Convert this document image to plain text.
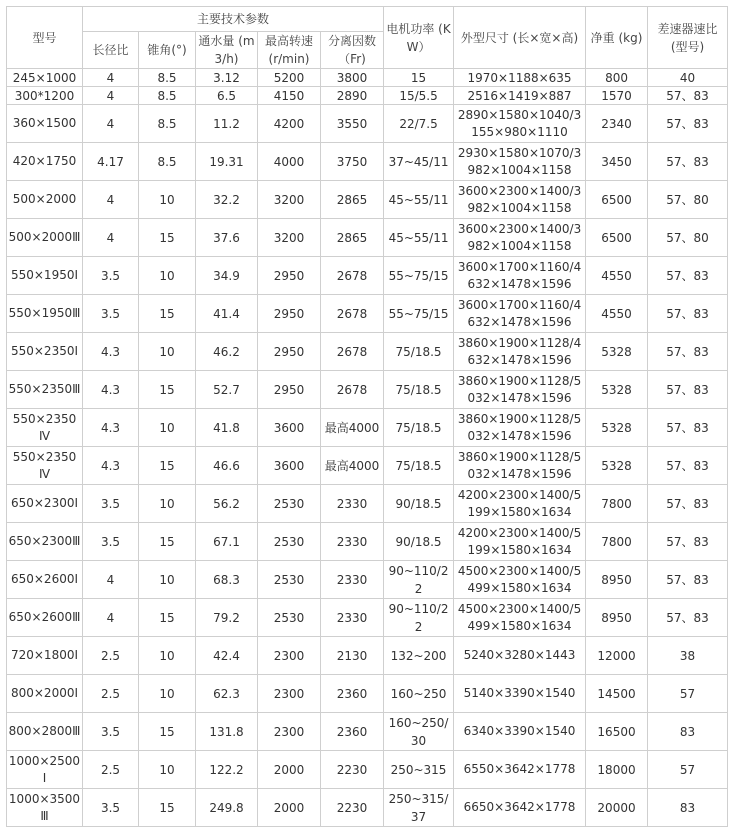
型号	主要技术参数					电机功率 (KW）	外型尺寸 (长×宽×高)	净重 (kg)	差速器速比 (型号)
	长径比	锥角(°)	通水量 (m3/h)	最高转速 (r/min)	分离因数 （Fr)				
245×1000	4	8.5	3.12	5200	3800	15	1970×1188×635	800	40
300*1200	4	8.5	6.5	4150	2890	15/5.5	2516×1419×887	1570	57、83
360×1500	4	8.5	11.2	4200	3550	22/7.5	2890×1580×1040/3155×980×1110	2340	57、83
420×1750	4.17	8.5	19.31	4000	3750	37~45/11	2930×1580×1070/3982×1004×1158	3450	57、83
500×2000	4	10	32.2	3200	2865	45~55/11	3600×2300×1400/3982×1004×1158	6500	57、80
500×2000Ⅲ	4	15	37.6	3200	2865	45~55/11	3600×2300×1400/3982×1004×1158	6500	57、80
550×1950Ⅰ	3.5	10	34.9	2950	2678	55~75/15	3600×1700×1160/4632×1478×1596	4550	57、83
550×1950Ⅲ	3.5	15	41.4	2950	2678	55~75/15	3600×1700×1160/4632×1478×1596	4550	57、83
550×2350Ⅰ	4.3	10	46.2	2950	2678	75/18.5	3860×1900×1128/4632×1478×1596	5328	57、83
550×2350Ⅲ	4.3	15	52.7	2950	2678	75/18.5	3860×1900×1128/5032×1478×1596	5328	57、83
550×2350Ⅳ	4.3	10	41.8	3600	最高4000	75/18.5	3860×1900×1128/5032×1478×1596	5328	57、83
550×2350Ⅳ	4.3	15	46.6	3600	最高4000	75/18.5	3860×1900×1128/5032×1478×1596	5328	57、83
650×2300Ⅰ	3.5	10	56.2	2530	2330	90/18.5	4200×2300×1400/5199×1580×1634	7800	57、83
650×2300Ⅲ	3.5	15	67.1	2530	2330	90/18.5	4200×2300×1400/5199×1580×1634	7800	57、83
650×2600Ⅰ	4	10	68.3	2530	2330	90~110/22	4500×2300×1400/5499×1580×1634	8950	57、83
650×2600Ⅲ	4	15	79.2	2530	2330	90~110/22	4500×2300×1400/5499×1580×1634	8950	57、83
720×1800Ⅰ	2.5	10	42.4	2300	2130	132~200	5240×3280×1443	12000	38
800×2000Ⅰ	2.5	10	62.3	2300	2360	160~250	5140×3390×1540	14500	57
800×2800Ⅲ	3.5	15	131.8	2300	2360	160~250/30	6340×3390×1540	16500	83
1000×2500Ⅰ	2.5	10	122.2	2000	2230	250~315	6550×3642×1778	18000	57
1000×3500Ⅲ	3.5	15	249.8	2000	2230	250~315/37	6650×3642×1778	20000	83
